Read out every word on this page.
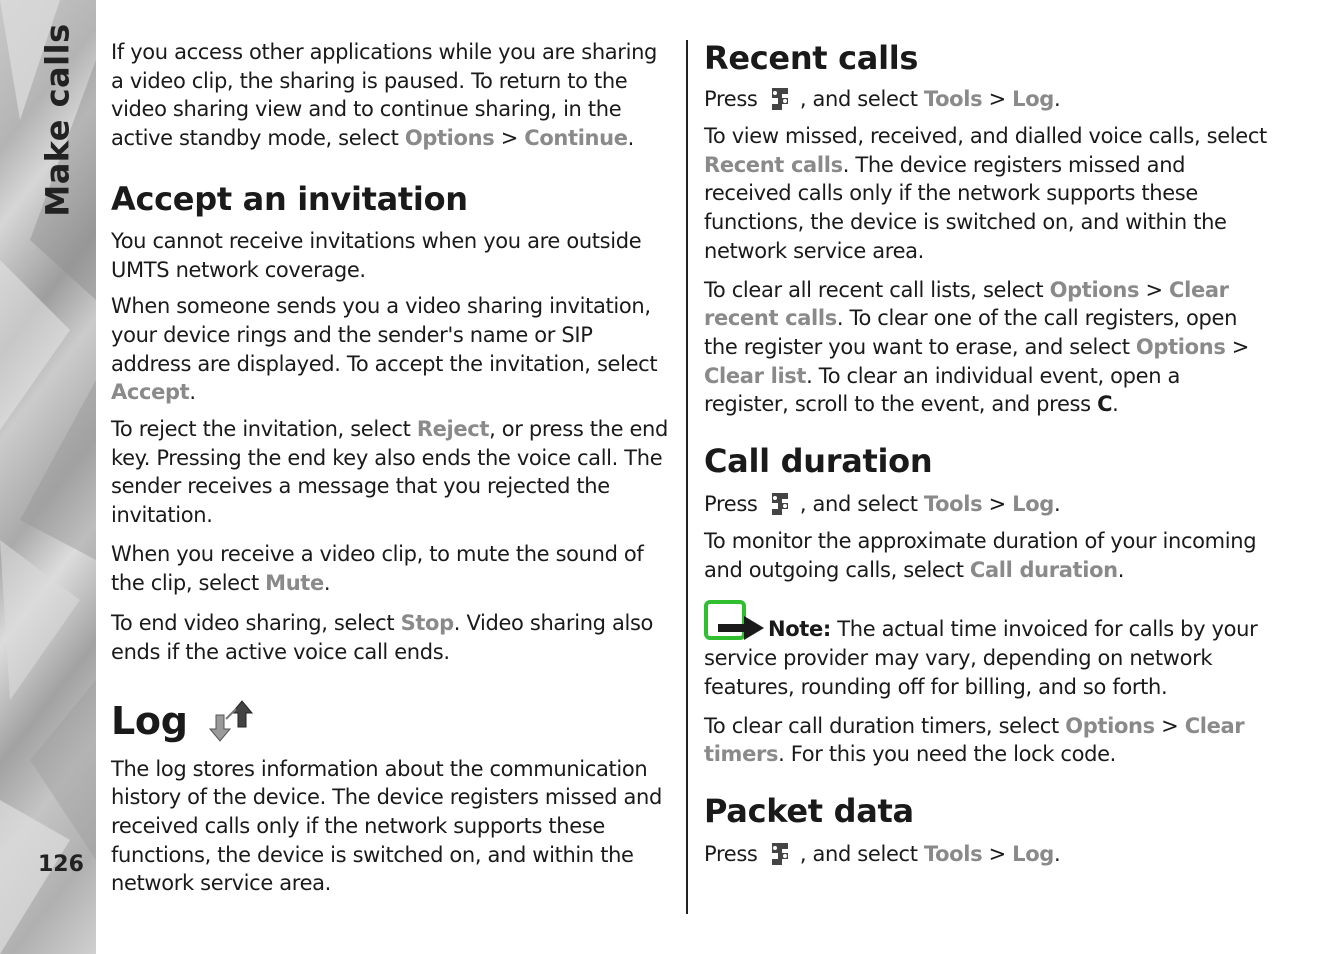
Make calls
126

If you access other applications while you are sharing a video clip, the sharing is paused. To return to the video sharing view and to continue sharing, in the active standby mode, select Options > Continue.

Accept an invitation

You cannot receive invitations when you are outside UMTS network coverage.

When someone sends you a video sharing invitation, your device rings and the sender's name or SIP address are displayed. To accept the invitation, select Accept.

To reject the invitation, select Reject, or press the end key. Pressing the end key also ends the voice call. The sender receives a message that you rejected the invitation.

When you receive a video clip, to mute the sound of the clip, select Mute.

To end video sharing, select Stop. Video sharing also ends if the active voice call ends.

Log

The log stores information about the communication history of the device. The device registers missed and received calls only if the network supports these functions, the device is switched on, and within the network service area.

Recent calls

Press , and select Tools > Log.

To view missed, received, and dialled voice calls, select Recent calls. The device registers missed and received calls only if the network supports these functions, the device is switched on, and within the network service area.

To clear all recent call lists, select Options > Clear recent calls. To clear one of the call registers, open the register you want to erase, and select Options > Clear list. To clear an individual event, open a register, scroll to the event, and press C.

Call duration

Press , and select Tools > Log.

To monitor the approximate duration of your incoming and outgoing calls, select Call duration.

Note: The actual time invoiced for calls by your service provider may vary, depending on network features, rounding off for billing, and so forth.

To clear call duration timers, select Options > Clear timers. For this you need the lock code.

Packet data

Press , and select Tools > Log.
